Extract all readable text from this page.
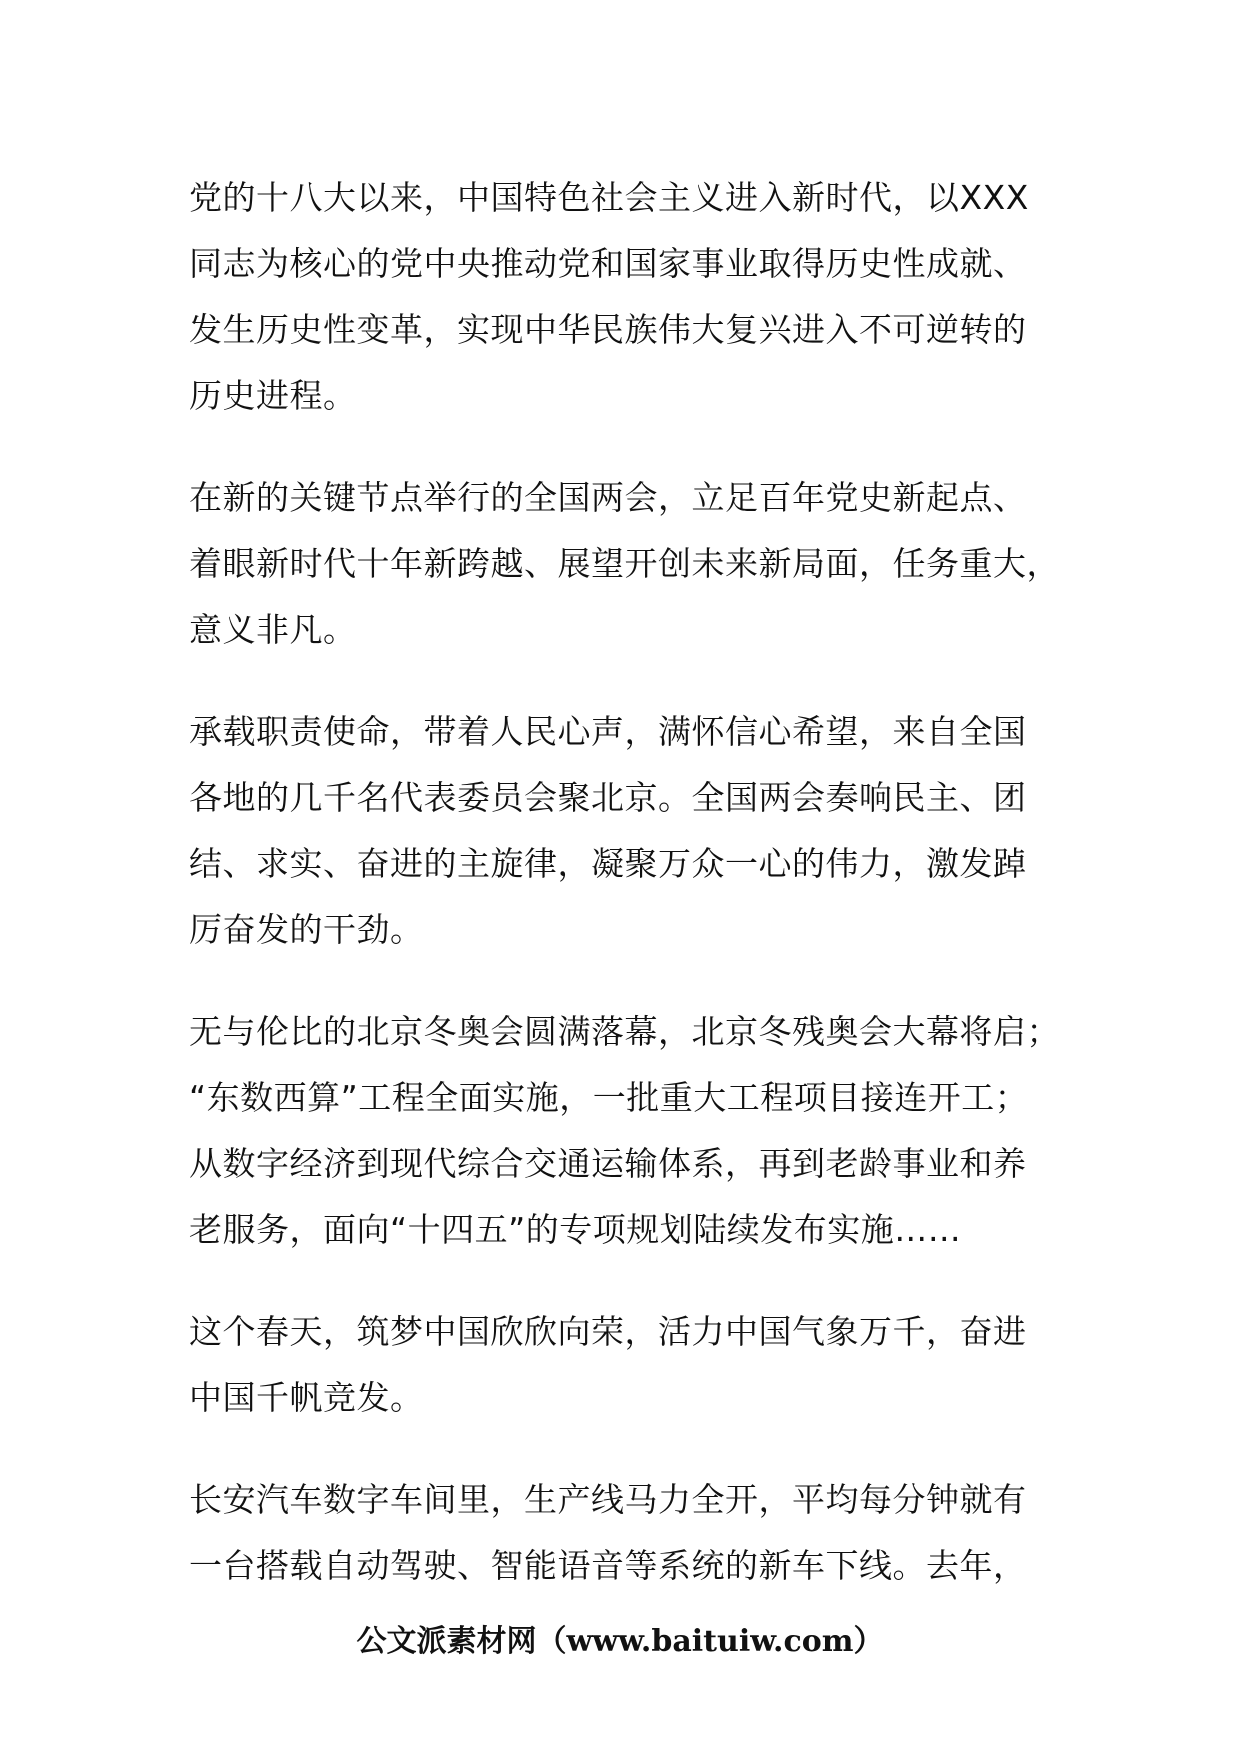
党的十八大以来，中国特色社会主义进入新时代，以XXX
同志为核心的党中央推动党和国家事业取得历史性成就、
发生历史性变革，实现中华民族伟大复兴进入不可逆转的
历史进程。

在新的关键节点举行的全国两会，立足百年党史新起点、
着眼新时代十年新跨越、展望开创未来新局面，任务重大，
意义非凡。

承载职责使命，带着人民心声，满怀信心希望，来自全国
各地的几千名代表委员会聚北京。全国两会奏响民主、团
结、求实、奋进的主旋律，凝聚万众一心的伟力，激发踔
厉奋发的干劲。

无与伦比的北京冬奥会圆满落幕，北京冬残奥会大幕将启；
“东数西算”工程全面实施，一批重大工程项目接连开工；
从数字经济到现代综合交通运输体系，再到老龄事业和养
老服务，面向“十四五”的专项规划陆续发布实施……

这个春天，筑梦中国欣欣向荣，活力中国气象万千，奋进
中国千帆竞发。

长安汽车数字车间里，生产线马力全开，平均每分钟就有
一台搭载自动驾驶、智能语音等系统的新车下线。去年，

公文派素材网（www.baituiw.com）
